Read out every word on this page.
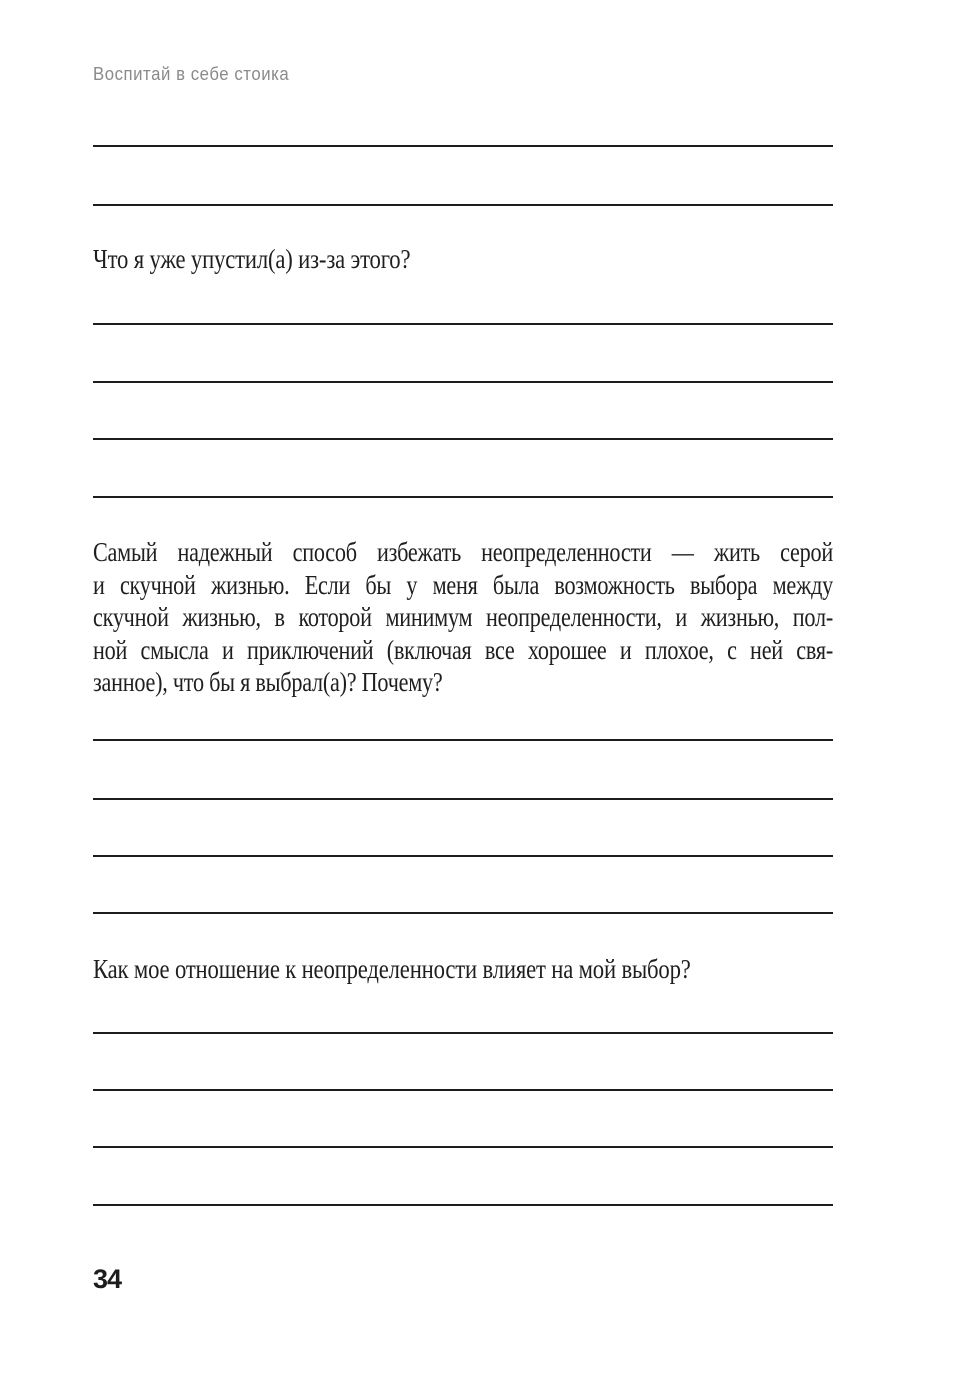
Воспитай в себе стоика
Что я уже упустил(а) из-за этого?
Самый надежный способ избежать неопределенности — жить серой
и скучной жизнью. Если бы у меня была возможность выбора между
скучной жизнью, в которой минимум неопределенности, и жизнью, пол-
ной смысла и приключений (включая все хорошее и плохое, с ней свя-
занное), что бы я выбрал(а)? Почему?
Как мое отношение к неопределенности влияет на мой выбор?
34
